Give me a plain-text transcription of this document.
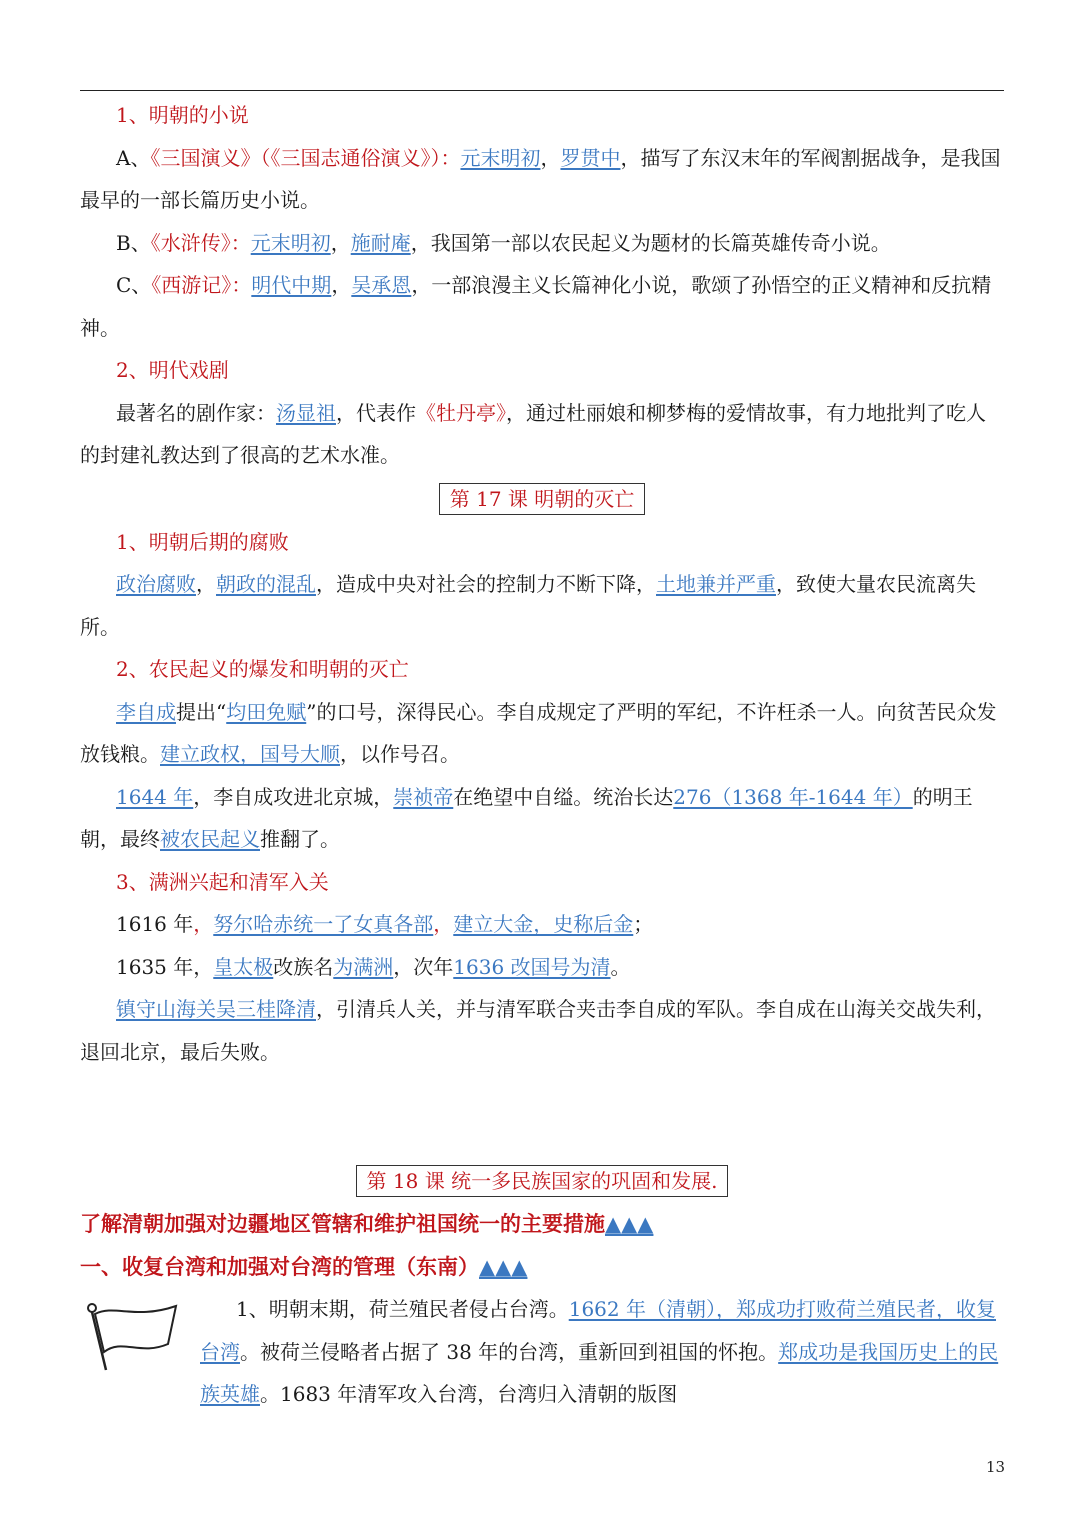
1、明朝的小说

A、《三国演义》（《三国志通俗演义》）：元末明初，罗贯中，描写了东汉末年的军阀割据战争，是我国最早的一部长篇历史小说。

B、《水浒传》：元末明初，施耐庵，我国第一部以农民起义为题材的长篇英雄传奇小说。

C、《西游记》：明代中期，吴承恩，一部浪漫主义长篇神化小说，歌颂了孙悟空的正义精神和反抗精神。

2、明代戏剧

最著名的剧作家：汤显祖，代表作《牡丹亭》，通过杜丽娘和柳梦梅的爱情故事，有力地批判了吃人的封建礼教达到了很高的艺术水准。

第 17 课 明朝的灭亡

1、明朝后期的腐败

政治腐败，朝政的混乱，造成中央对社会的控制力不断下降，土地兼并严重，致使大量农民流离失所。

2、农民起义的爆发和明朝的灭亡

李自成提出“均田免赋”的口号，深得民心。李自成规定了严明的军纪，不许枉杀一人。向贫苦民众发放钱粮。建立政权，国号大顺，以作号召。

1644 年，李自成攻进北京城，崇祯帝在绝望中自缢。统治长达276（1368 年-1644 年）的明王朝，最终被农民起义推翻了。

3、满洲兴起和清军入关

1616 年，努尔哈赤统一了女真各部，建立大金，史称后金；

1635 年，皇太极改族名为满洲，次年1636 改国号为清。

镇守山海关吴三桂降清，引清兵人关，并与清军联合夹击李自成的军队。李自成在山海关交战失利， 退回北京，最后失败。

第 18 课 统一多民族国家的巩固和发展.

了解清朝加强对边疆地区管辖和维护祖国统一的主要措施▲▲▲

一、收复台湾和加强对台湾的管理（东南）▲▲▲

1、明朝末期，荷兰殖民者侵占台湾。1662 年（清朝），郑成功打败荷兰殖民者，收复台湾。被荷兰侵略者占据了 38 年的台湾，重新回到祖国的怀抱。郑成功是我国历史上的民族英雄。1683 年清军攻入台湾，台湾归入清朝的版图

13
